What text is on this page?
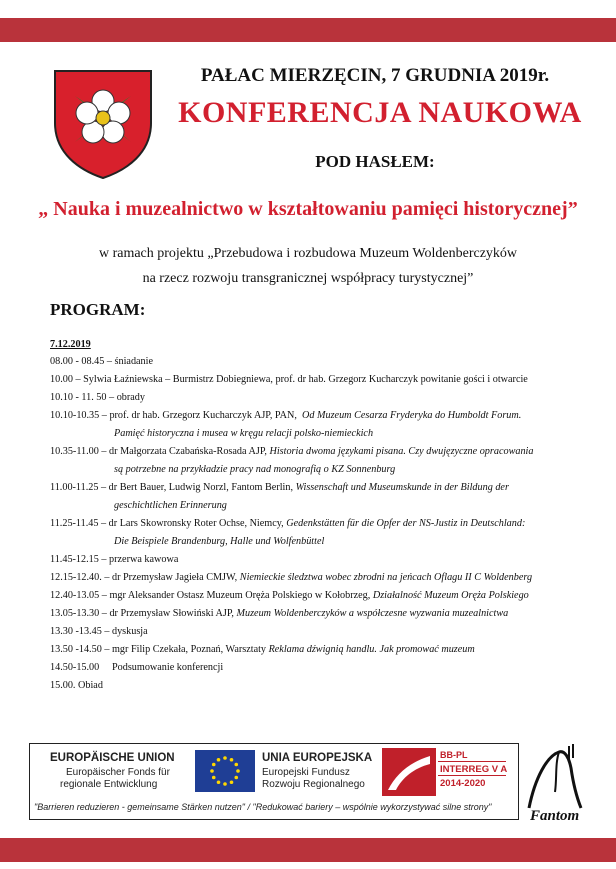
PAŁAC MIERZĘCIN, 7 GRUDNIA 2019r.
KONFERENCJA NAUKOWA
POD HASŁEM:
„ Nauka i muzealnictwo w kształtowaniu pamięci historycznej”
w ramach projektu „Przebudowa i rozbudowa Muzeum Woldenberczyków
na rzecz rozwoju transgranicznej współpracy turystycznej”
PROGRAM:
7.12.2019
08.00 - 08.45 – śniadanie
10.00 – Sylwia Łaźniewska – Burmistrz Dobiegniewa, prof. dr hab. Grzegorz Kucharczyk powitanie gości i otwarcie
10.10 - 11. 50 – obrady
10.10-10.35 – prof. dr hab. Grzegorz Kucharczyk AJP, PAN, Od Muzeum Cesarza Fryderyka do Humboldt Forum.
Pamięć historyczna i musea w kręgu relacji polsko-niemieckich
10.35-11.00 – dr Małgorzata Czabańska-Rosada AJP, Historia dwoma językami pisana. Czy dwujęzyczne opracowania
są potrzebne na przykładzie pracy nad monografią o KZ Sonnenburg
11.00-11.25 – dr Bert Bauer, Ludwig Norzl, Fantom Berlin, Wissenschaft und Museumskunde in der Bildung der
geschichtlichen Erinnerung
11.25-11.45 – dr Lars Skowronsky Roter Ochse, Niemcy, Gedenkstätten für die Opfer der NS-Justiz in Deutschland:
Die Beispiele Brandenburg, Halle und Wolfenbüttel
11.45-12.15 – przerwa kawowa
12.15-12.40. – dr Przemysław Jagieła CMJW, Niemieckie śledztwa wobec zbrodni na jeńcach Oflagu II C Woldenberg
12.40-13.05 – mgr Aleksander Ostasz Muzeum Oręża Polskiego w Kołobrzeg, Działalność Muzeum Oręża Polskiego
13.05-13.30 – dr Przemysław Słowiński AJP, Muzeum Woldenberczyków a współczesne wyzwania muzealnictwa
13.30 -13.45 – dyskusja
13.50 -14.50 – mgr Filip Czekała, Poznań, Warsztaty Reklama dźwignią handlu. Jak promować muzeum
14.50-15.00 Podsumowanie konferencji
15.00. Obiad
EUROPÄISCHE UNION
Europäischer Fonds für
regionale Entwicklung
UNIA EUROPEJSKA
Europejski Fundusz
Rozwoju Regionalnego
BB-PL
INTERREG V A
2014-2020
"Barrieren reduzieren - gemeinsame Stärken nutzen" / "Redukować bariery – wspólnie wykorzystywać silne strony"
Fantom
